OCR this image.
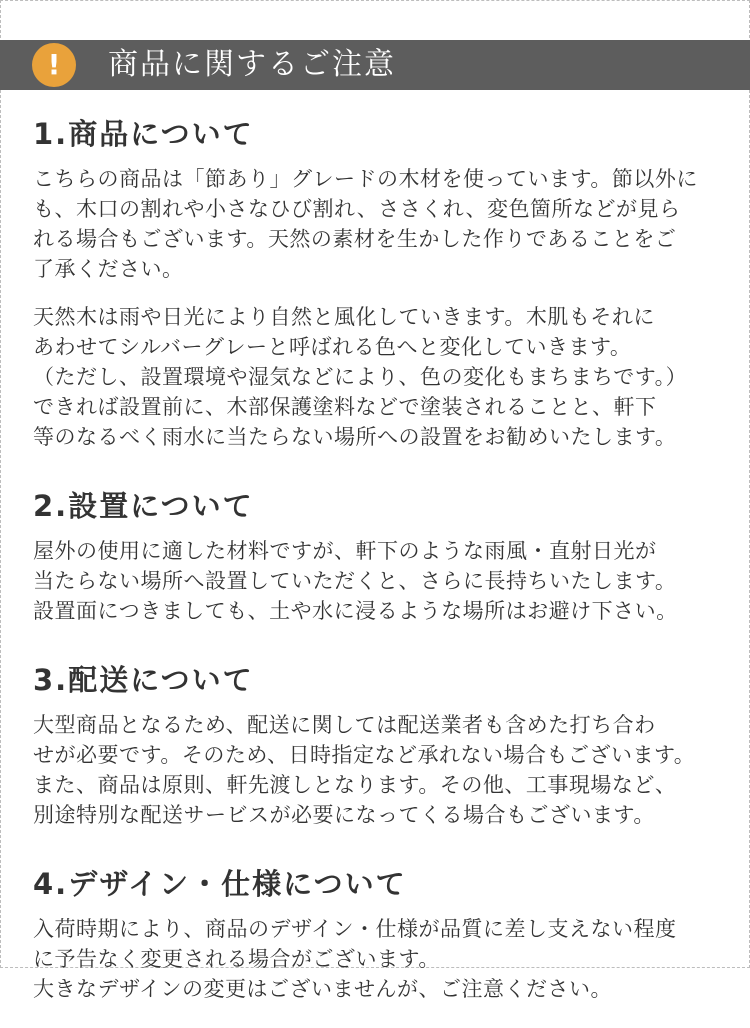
!	商品に関するご注意
1.商品について

こちらの商品は「節あり」グレードの木材を使っています。節以外に
も、木口の割れや小さなひび割れ、ささくれ、変色箇所などが見ら
れる場合もございます。天然の素材を生かした作りであることをご
了承ください。

天然木は雨や日光により自然と風化していきます。木肌もそれに
あわせてシルバーグレーと呼ばれる色へと変化していきます。
（ただし、設置環境や湿気などにより、色の変化もまちまちです。）
できれば設置前に、木部保護塗料などで塗装されることと、軒下
等のなるべく雨水に当たらない場所への設置をお勧めいたします。

2.設置について

屋外の使用に適した材料ですが、軒下のような雨風・直射日光が
当たらない場所へ設置していただくと、さらに長持ちいたします。
設置面につきましても、土や水に浸るような場所はお避け下さい。

3.配送について

大型商品となるため、配送に関しては配送業者も含めた打ち合わ
せが必要です。そのため、日時指定など承れない場合もございます。
また、商品は原則、軒先渡しとなります。その他、工事現場など、
別途特別な配送サービスが必要になってくる場合もございます。

4.デザイン・仕様について

入荷時期により、商品のデザイン・仕様が品質に差し支えない程度
に予告なく変更される場合がございます。
大きなデザインの変更はございませんが、ご注意ください。
